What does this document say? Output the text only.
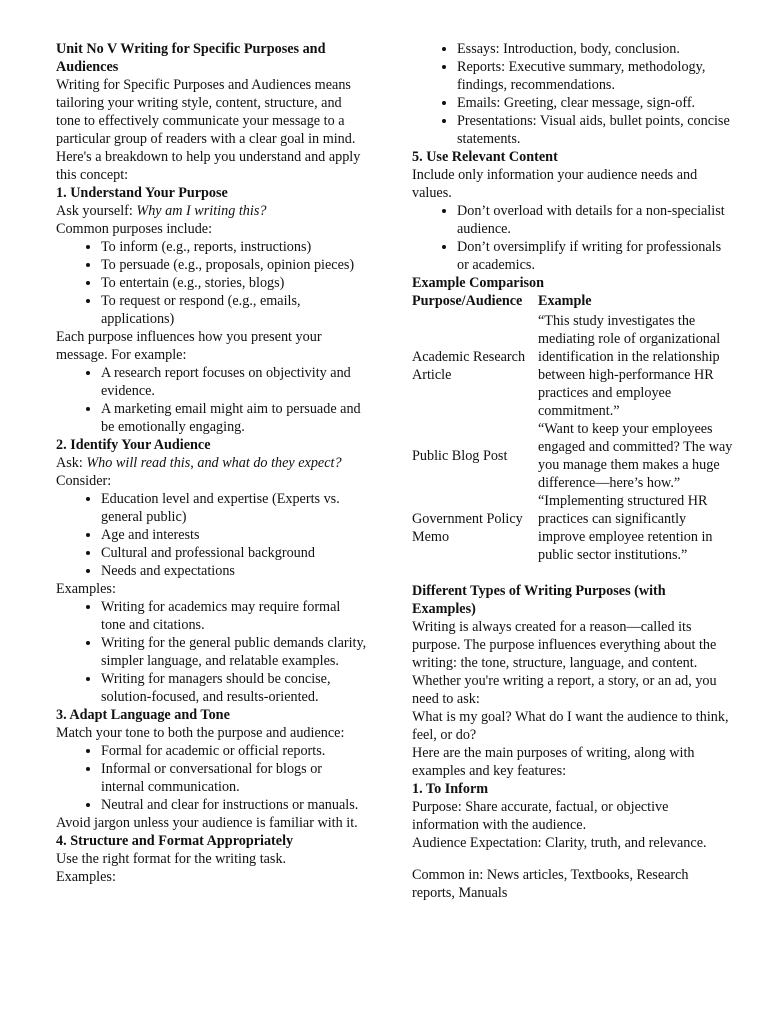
Unit No V Writing for Specific Purposes and Audiences

Writing for Specific Purposes and Audiences means tailoring your writing style, content, structure, and tone to effectively communicate your message to a particular group of readers with a clear goal in mind. Here's a breakdown to help you understand and apply this concept:

1. Understand Your Purpose

Ask yourself: Why am I writing this?

Common purposes include:

• To inform (e.g., reports, instructions)
• To persuade (e.g., proposals, opinion pieces)
• To entertain (e.g., stories, blogs)
• To request or respond (e.g., emails, applications)

Each purpose influences how you present your message. For example:

• A research report focuses on objectivity and evidence.
• A marketing email might aim to persuade and be emotionally engaging.

2. Identify Your Audience

Ask: Who will read this, and what do they expect?

Consider:

• Education level and expertise (Experts vs. general public)
• Age and interests
• Cultural and professional background
• Needs and expectations

Examples:

• Writing for academics may require formal tone and citations.
• Writing for the general public demands clarity, simpler language, and relatable examples.
• Writing for managers should be concise, solution-focused, and results-oriented.

3. Adapt Language and Tone

Match your tone to both the purpose and audience:

• Formal for academic or official reports.
• Informal or conversational for blogs or internal communication.
• Neutral and clear for instructions or manuals.

Avoid jargon unless your audience is familiar with it.

4. Structure and Format Appropriately

Use the right format for the writing task.

Examples:

• Essays: Introduction, body, conclusion.
• Reports: Executive summary, methodology, findings, recommendations.
• Emails: Greeting, clear message, sign-off.
• Presentations: Visual aids, bullet points, concise statements.

5. Use Relevant Content

Include only information your audience needs and values.

• Don’t overload with details for a non-specialist audience.
• Don’t oversimplify if writing for professionals or academics.

Example Comparison

Purpose/Audience	Example
Academic Research Article	“This study investigates the mediating role of organizational identification in the relationship between high-performance HR practices and employee commitment.”
Public Blog Post	“Want to keep your employees engaged and committed? The way you manage them makes a huge difference—here’s how.”
Government Policy Memo	“Implementing structured HR practices can significantly improve employee retention in public sector institutions.”

Different Types of Writing Purposes (with Examples)

Writing is always created for a reason—called its purpose. The purpose influences everything about the writing: the tone, structure, language, and content. Whether you're writing a report, a story, or an ad, you need to ask:

What is my goal? What do I want the audience to think, feel, or do?

Here are the main purposes of writing, along with examples and key features:

1. To Inform

Purpose: Share accurate, factual, or objective information with the audience.

Audience Expectation: Clarity, truth, and relevance.

Common in: News articles, Textbooks, Research reports, Manuals
